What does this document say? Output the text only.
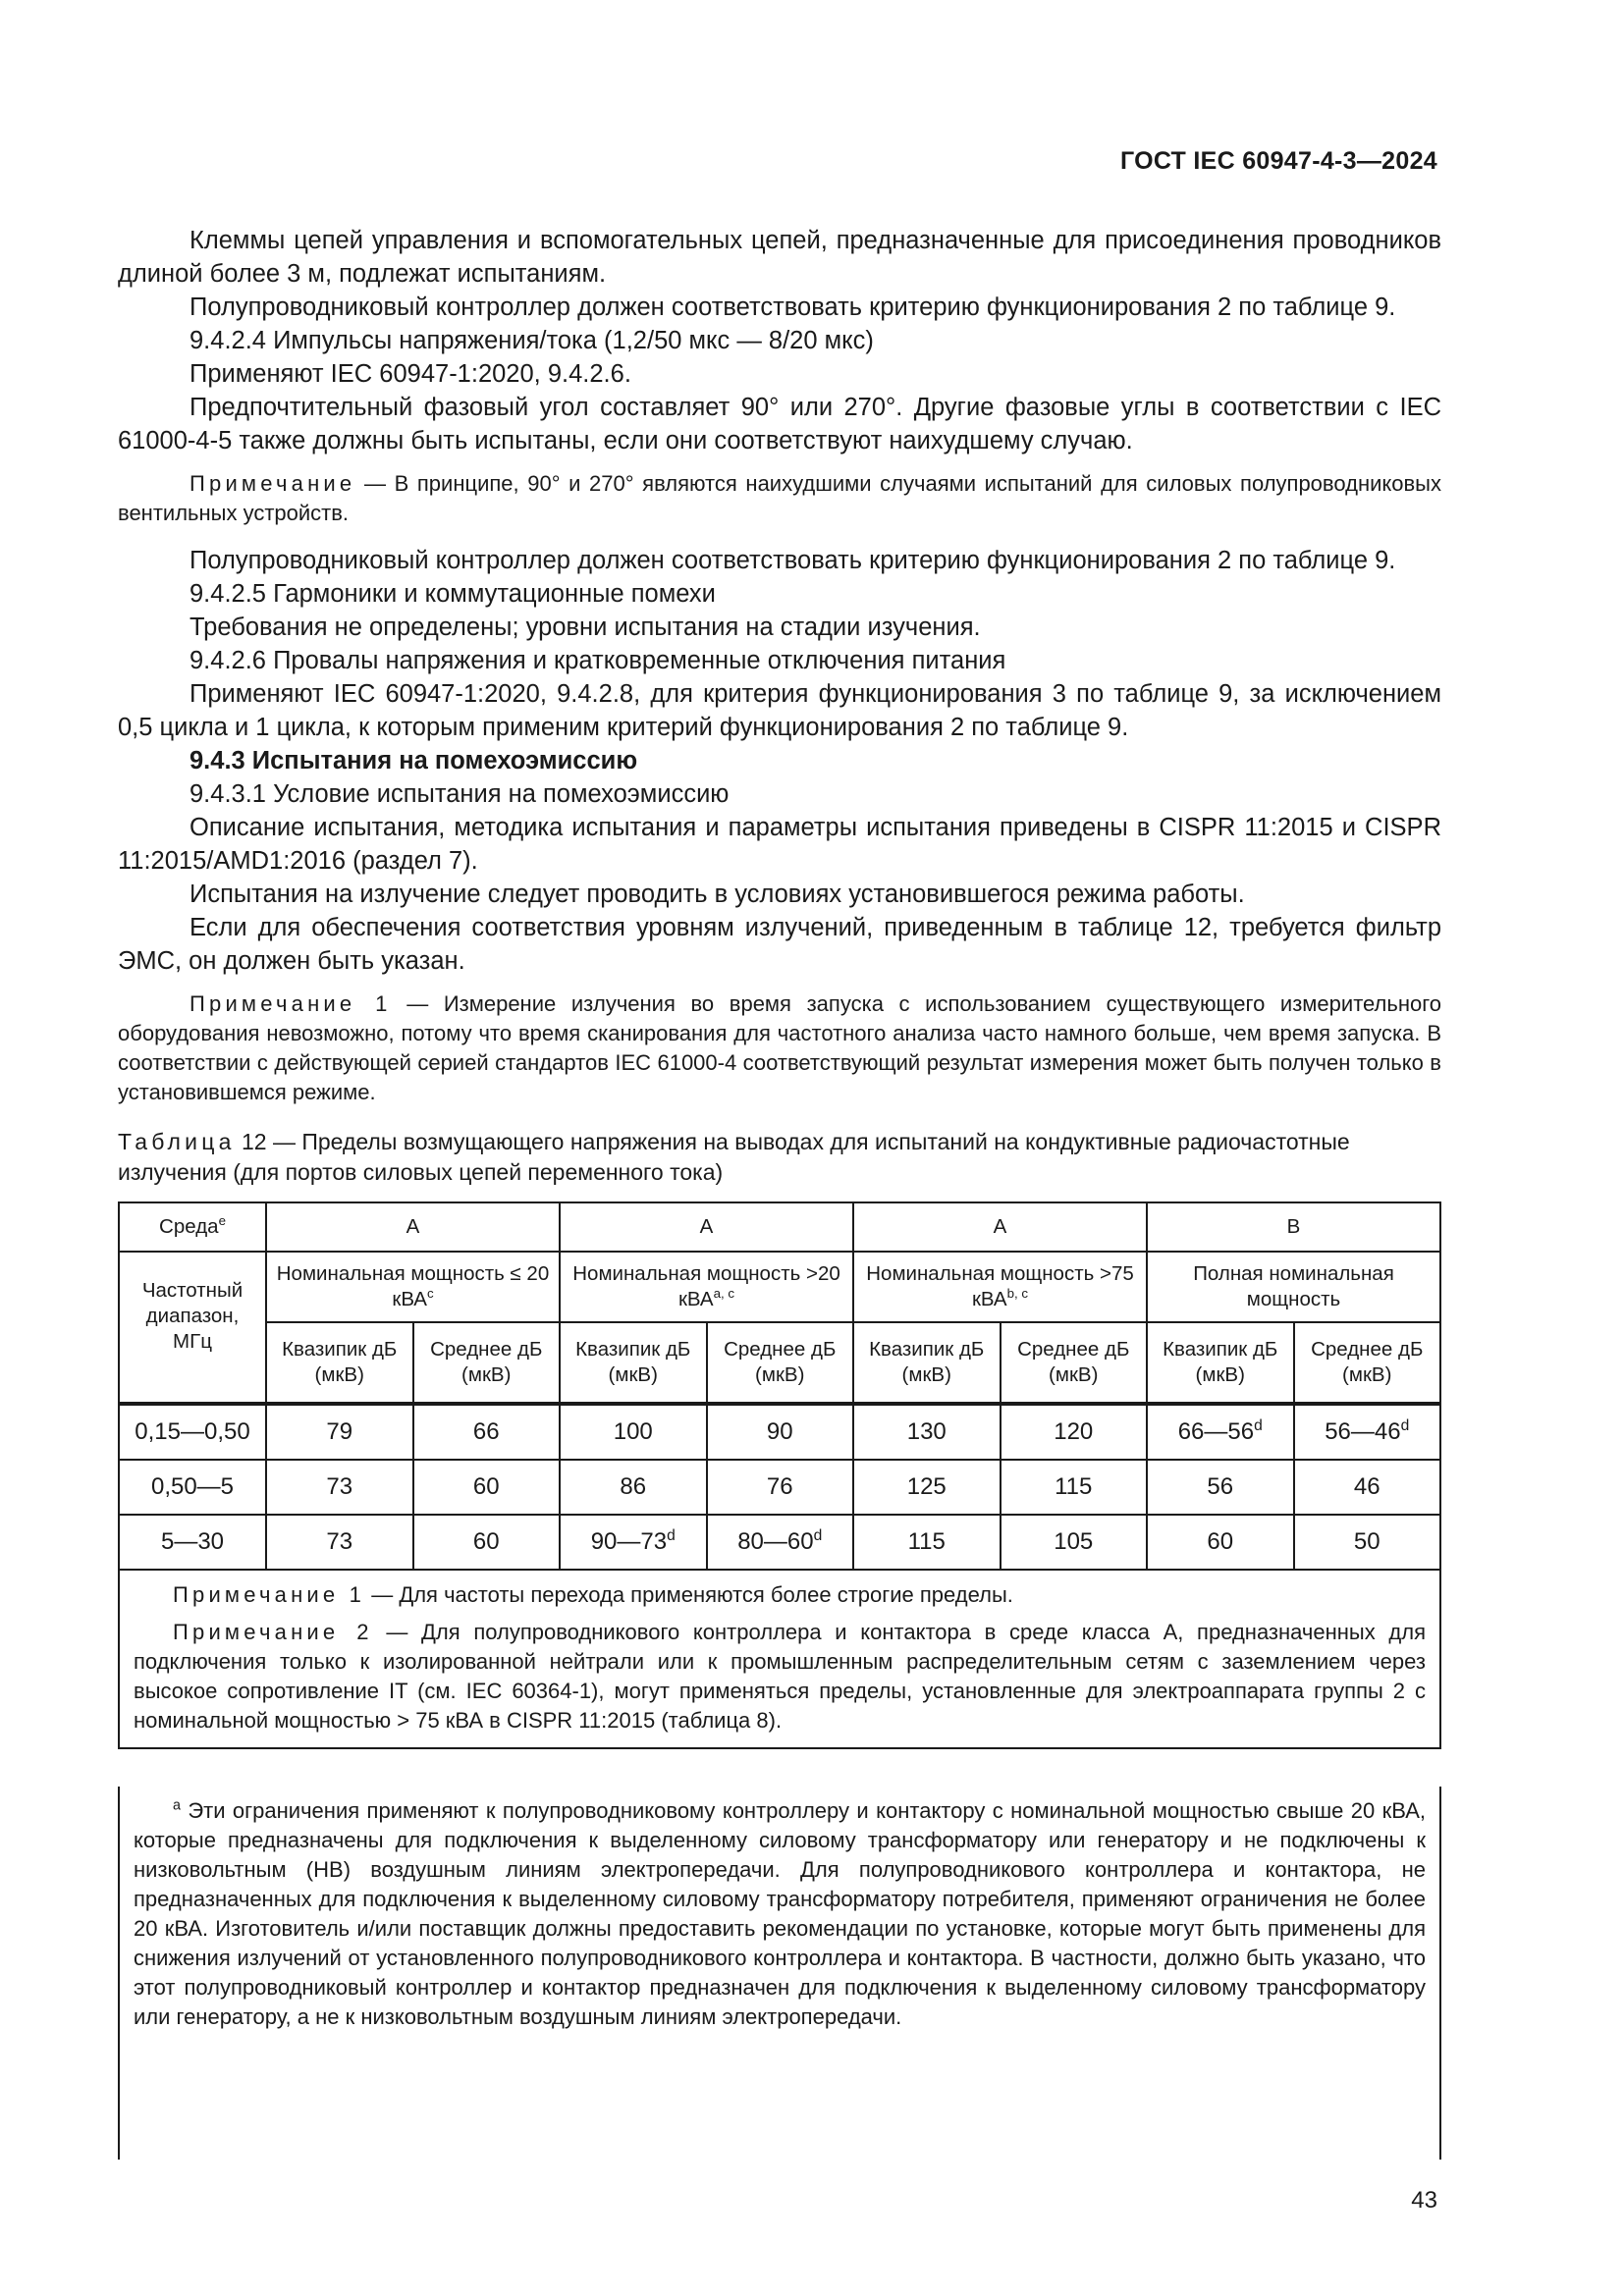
ГОСТ IEC 60947-4-3—2024

Клеммы цепей управления и вспомогательных цепей, предназначенные для присоединения проводников длиной более 3 м, подлежат испытаниям.

Полупроводниковый контроллер должен соответствовать критерию функционирования 2 по таблице 9.

9.4.2.4 Импульсы напряжения/тока (1,2/50 мкс — 8/20 мкс)

Применяют IEC 60947-1:2020, 9.4.2.6.

Предпочтительный фазовый угол составляет 90° или 270°. Другие фазовые углы в соответствии с IEC 61000-4-5 также должны быть испытаны, если они соответствуют наихудшему случаю.

Примечание — В принципе, 90° и 270° являются наихудшими случаями испытаний для силовых полупроводниковых вентильных устройств.

Полупроводниковый контроллер должен соответствовать критерию функционирования 2 по таблице 9.

9.4.2.5 Гармоники и коммутационные помехи

Требования не определены; уровни испытания на стадии изучения.

9.4.2.6 Провалы напряжения и кратковременные отключения питания

Применяют IEC 60947-1:2020, 9.4.2.8, для критерия функционирования 3 по таблице 9, за исключением 0,5 цикла и 1 цикла, к которым применим критерий функционирования 2 по таблице 9.

9.4.3 Испытания на помехоэмиссию

9.4.3.1 Условие испытания на помехоэмиссию

Описание испытания, методика испытания и параметры испытания приведены в CISPR 11:2015 и CISPR 11:2015/AMD1:2016 (раздел 7).

Испытания на излучение следует проводить в условиях установившегося режима работы.

Если для обеспечения соответствия уровням излучений, приведенным в таблице 12, требуется фильтр ЭМС, он должен быть указан.

Примечание 1 — Измерение излучения во время запуска с использованием существующего измерительного оборудования невозможно, потому что время сканирования для частотного анализа часто намного больше, чем время запуска. В соответствии с действующей серией стандартов IEC 61000-4 соответствующий результат измерения может быть получен только в установившемся режиме.

Таблица 12 — Пределы возмущающего напряжения на выводах для испытаний на кондуктивные радиочастотные излучения (для портов силовых цепей переменного тока)

Среда$^e$	A		A		A		B	
Частотный диапазон, МГц	Номинальная мощность ≤ 20 кВА$^c$		Номинальная мощность >20 кВА$^{a, c}$		Номинальная мощность >75 кВА$^{b, c}$		Полная номинальная мощность	
	Квазипик дБ (мкВ)	Среднее дБ (мкВ)	Квазипик дБ (мкВ)	Среднее дБ (мкВ)	Квазипик дБ (мкВ)	Среднее дБ (мкВ)	Квазипик дБ (мкВ)	Среднее дБ (мкВ)
0,15—0,50	79	66	100	90	130	120	66—56$^d$	56—46$^d$
0,50—5	73	60	86	76	125	115	56	46
5—30	73	60	90—73$^d$	80—60$^d$	115	105	60	50

Примечание 1 — Для частоты перехода применяются более строгие пределы.

Примечание 2 — Для полупроводникового контроллера и контактора в среде класса А, предназначенных для подключения только к изолированной нейтрали или к промышленным распределительным сетям с заземлением через высокое сопротивление IT (см. IEC 60364-1), могут применяться пределы, установленные для электроаппарата группы 2 с номинальной мощностью > 75 кВА в CISPR 11:2015 (таблица 8).								

$^a$ Эти ограничения применяют к полупроводниковому контроллеру и контактору с номинальной мощностью свыше 20 кВА, которые предназначены для подключения к выделенному силовому трансформатору или генератору и не подключены к низковольтным (НВ) воздушным линиям электропередачи. Для полупроводникового контроллера и контактора, не предназначенных для подключения к выделенному силовому трансформатору потребителя, применяют ограничения не более 20 кВА. Изготовитель и/или поставщик должны предоставить рекомендации по установке, которые могут быть применены для снижения излучений от установленного полупроводникового контроллера и контактора. В частности, должно быть указано, что этот полупроводниковый контроллер и контактор предназначен для подключения к выделенному силовому трансформатору или генератору, а не к низковольтным воздушным линиям электропередачи.
43
